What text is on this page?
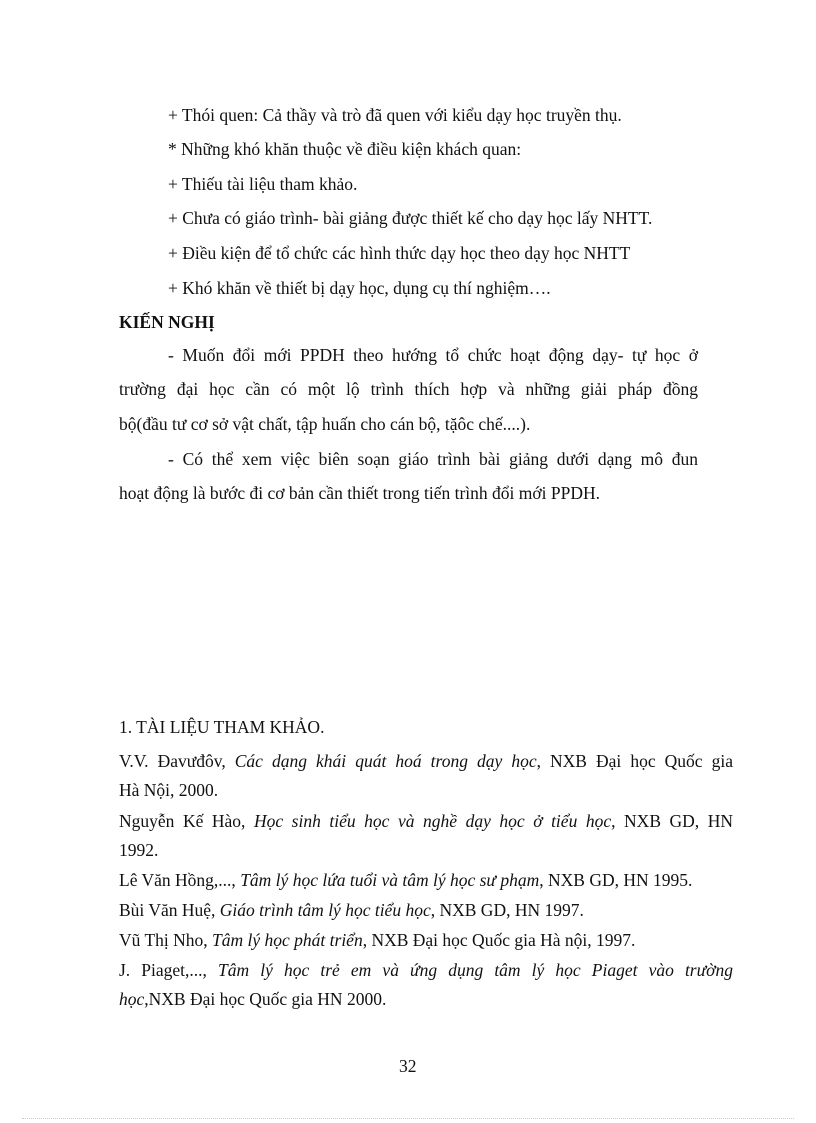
+ Thói quen: Cả thầy và trò đã quen với kiểu dạy học truyền thụ.
* Những khó khăn thuộc về điều kiện khách quan:
+ Thiếu tài liệu tham khảo.
+ Chưa có giáo trình- bài giảng được thiết kế cho dạy học lấy NHTT.
+ Điều kiện để tổ chức các hình thức dạy học theo dạy học NHTT
+ Khó khăn về thiết bị dạy học, dụng cụ thí nghiệm….
KIẾN NGHỊ
- Muốn đổi mới PPDH theo hướng tổ chức hoạt động dạy- tự học ở
trường đại học cần có một lộ trình thích hợp và những giải pháp đồng
bộ(đầu tư cơ sở vật chất, tập huấn cho cán bộ, tặôc chế....).
- Có thể xem việc biên soạn giáo trình bài giảng dưới dạng mô đun
hoạt động là bước đi cơ bản cần thiết trong tiến trình đổi mới PPDH.
1. TÀI LIỆU THAM KHẢO.
V.V. Đavưđôv, Các dạng khái quát hoá trong dạy học, NXB Đại học Quốc gia
Hà Nội, 2000.
Nguyễn Kế Hào, Học sinh tiểu học và nghề dạy học ở tiểu học, NXB GD, HN
1992.
Lê Văn Hồng,..., Tâm lý học lứa tuổi và tâm lý học sư phạm, NXB GD, HN 1995.
Bùi Văn Huệ, Giáo trình tâm lý học tiểu học, NXB GD, HN 1997.
Vũ Thị Nho, Tâm lý học phát triển, NXB Đại học Quốc gia Hà nội, 1997.
J. Piaget,..., Tâm lý học trẻ em và ứng dụng tâm lý học Piaget vào trường
học,NXB Đại học Quốc gia HN 2000.
32
